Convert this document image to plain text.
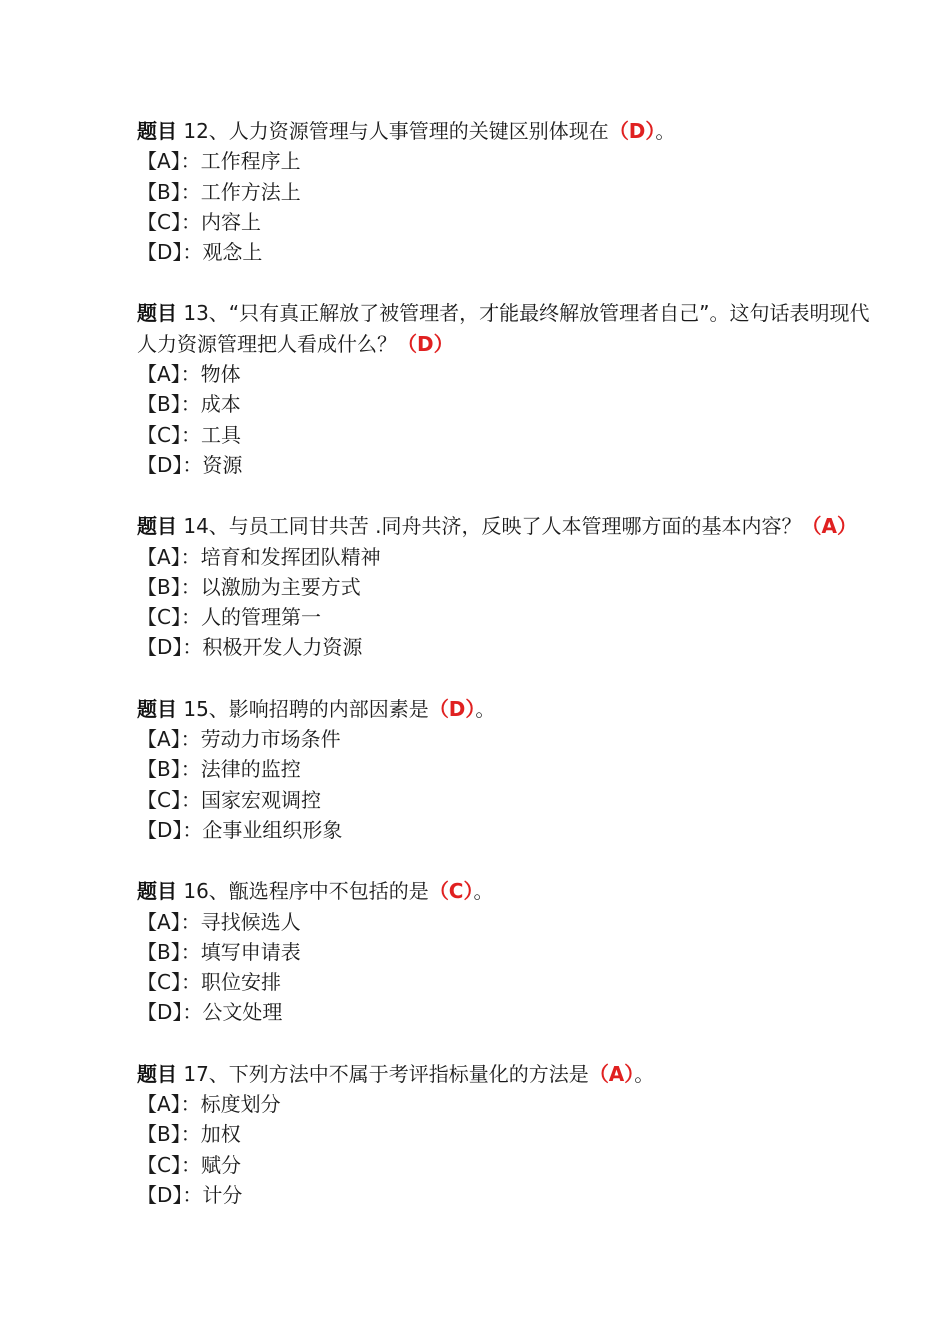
题目 12、人力资源管理与人事管理的关键区别体现在（D）。

【A】：工作程序上

【B】：工作方法上

【C】：内容上

【D】：观念上

题目 13、“只有真正解放了被管理者，才能最终解放管理者自己”。这句话表明现代人力资源管理把人看成什么？（D）

【A】：物体

【B】：成本

【C】：工具

【D】：资源

题目 14、与员工同甘共苦 .同舟共济，反映了人本管理哪方面的基本内容？（A）

【A】：培育和发挥团队精神

【B】：以激励为主要方式

【C】：人的管理第一

【D】：积极开发人力资源

题目 15、影响招聘的内部因素是（D）。

【A】：劳动力市场条件

【B】：法律的监控

【C】：国家宏观调控

【D】：企事业组织形象

题目 16、甑选程序中不包括的是（C）。

【A】：寻找候选人

【B】：填写申请表

【C】：职位安排

【D】：公文处理

题目 17、下列方法中不属于考评指标量化的方法是（A）。

【A】：标度划分

【B】：加权

【C】：赋分

【D】：计分
